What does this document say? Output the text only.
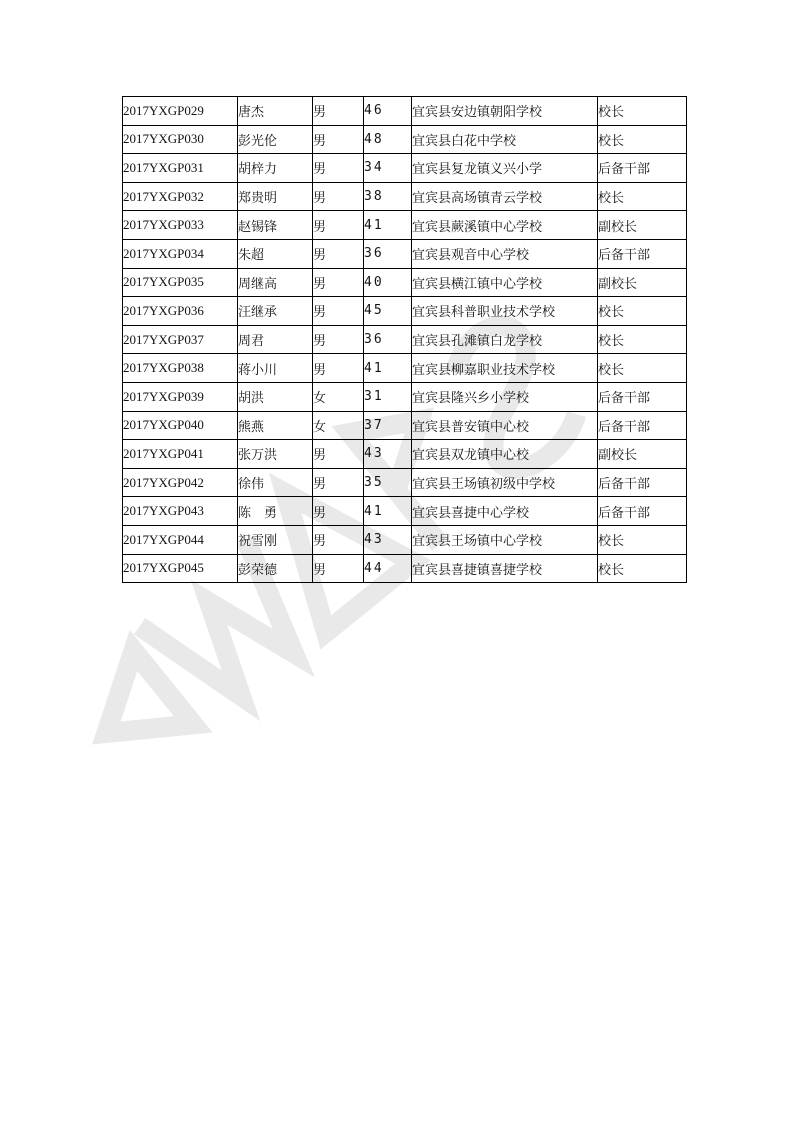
2017YXGP029	唐杰	男	46	宜宾县安边镇朝阳学校	校长
2017YXGP030	彭光伦	男	48	宜宾县白花中学校	校长
2017YXGP031	胡梓力	男	34	宜宾县复龙镇义兴小学	后备干部
2017YXGP032	郑贵明	男	38	宜宾县高场镇青云学校	校长
2017YXGP033	赵锡锋	男	41	宜宾县蕨溪镇中心学校	副校长
2017YXGP034	朱超	男	36	宜宾县观音中心学校	后备干部
2017YXGP035	周继高	男	40	宜宾县横江镇中心学校	副校长
2017YXGP036	汪继承	男	45	宜宾县科普职业技术学校	校长
2017YXGP037	周君	男	36	宜宾县孔滩镇白龙学校	校长
2017YXGP038	蒋小川	男	41	宜宾县柳嘉职业技术学校	校长
2017YXGP039	胡洪	女	31	宜宾县隆兴乡小学校	后备干部
2017YXGP040	熊燕	女	37	宜宾县普安镇中心校	后备干部
2017YXGP041	张万洪	男	43	宜宾县双龙镇中心校	副校长
2017YXGP042	徐伟	男	35	宜宾县王场镇初级中学校	后备干部
2017YXGP043	陈　勇	男	41	宜宾县喜捷中心学校	后备干部
2017YXGP044	祝雪刚	男	43	宜宾县王场镇中心学校	校长
2017YXGP045	彭荣德	男	44	宜宾县喜捷镇喜捷学校	校长
